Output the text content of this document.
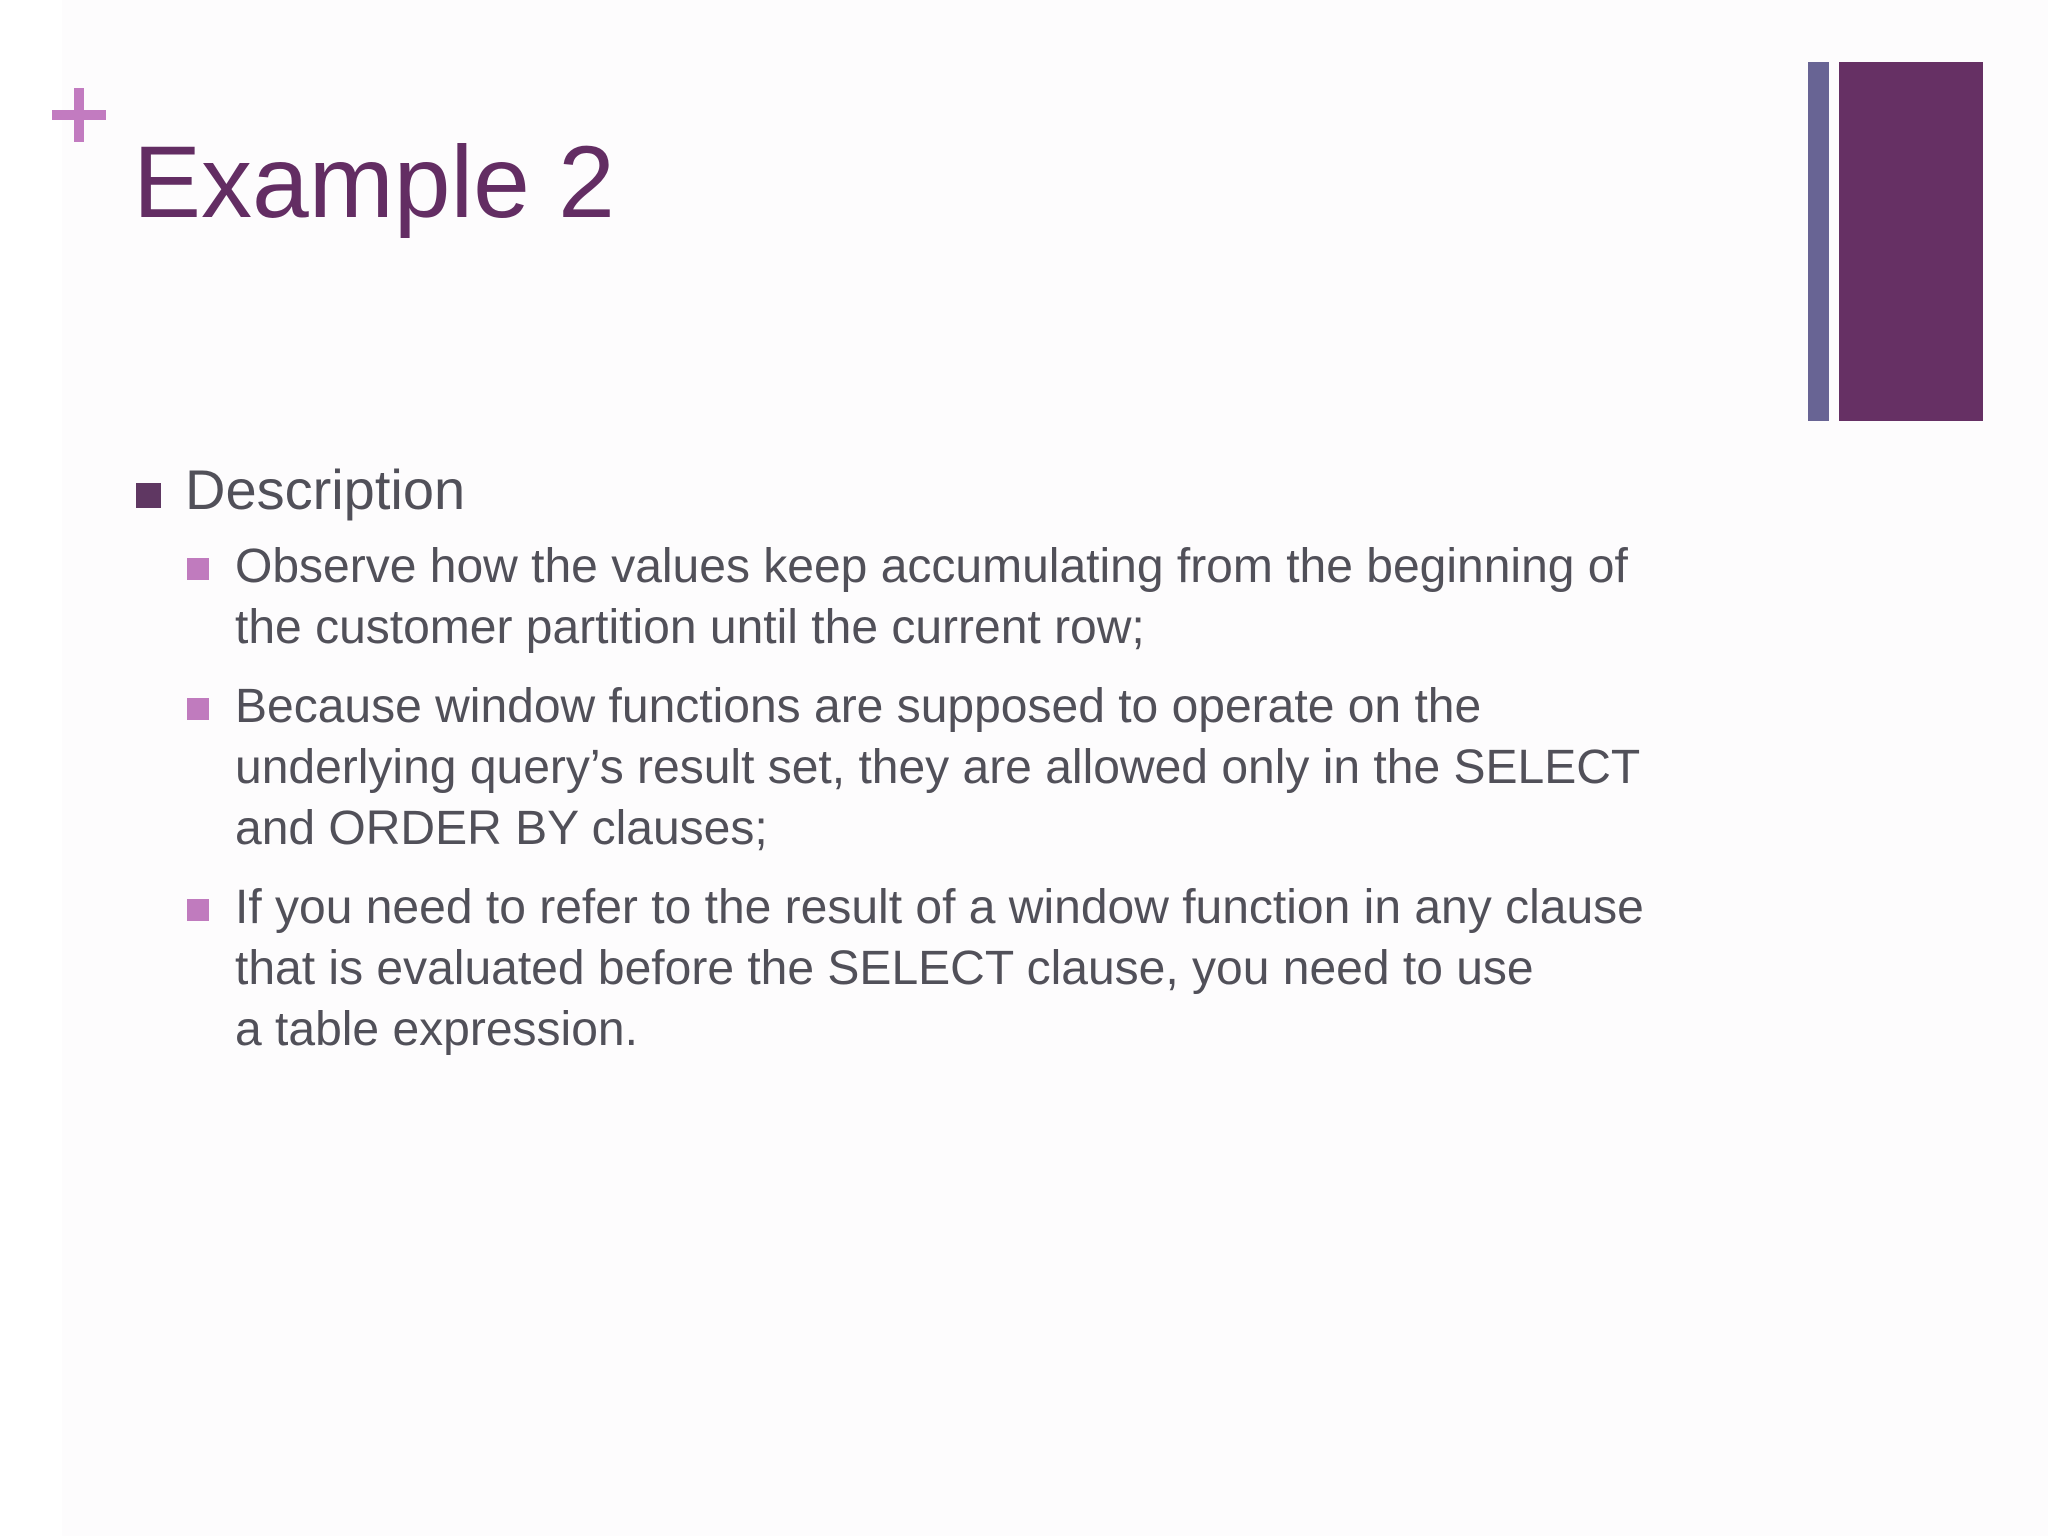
Example 2
Description
Observe how the values keep accumulating from the beginning of
the customer partition until the current row;
Because window functions are supposed to operate on the
underlying query’s result set, they are allowed only in the SELECT
and ORDER BY clauses;
If you need to refer to the result of a window function in any clause
that is evaluated before the SELECT clause, you need to use
a table expression.
